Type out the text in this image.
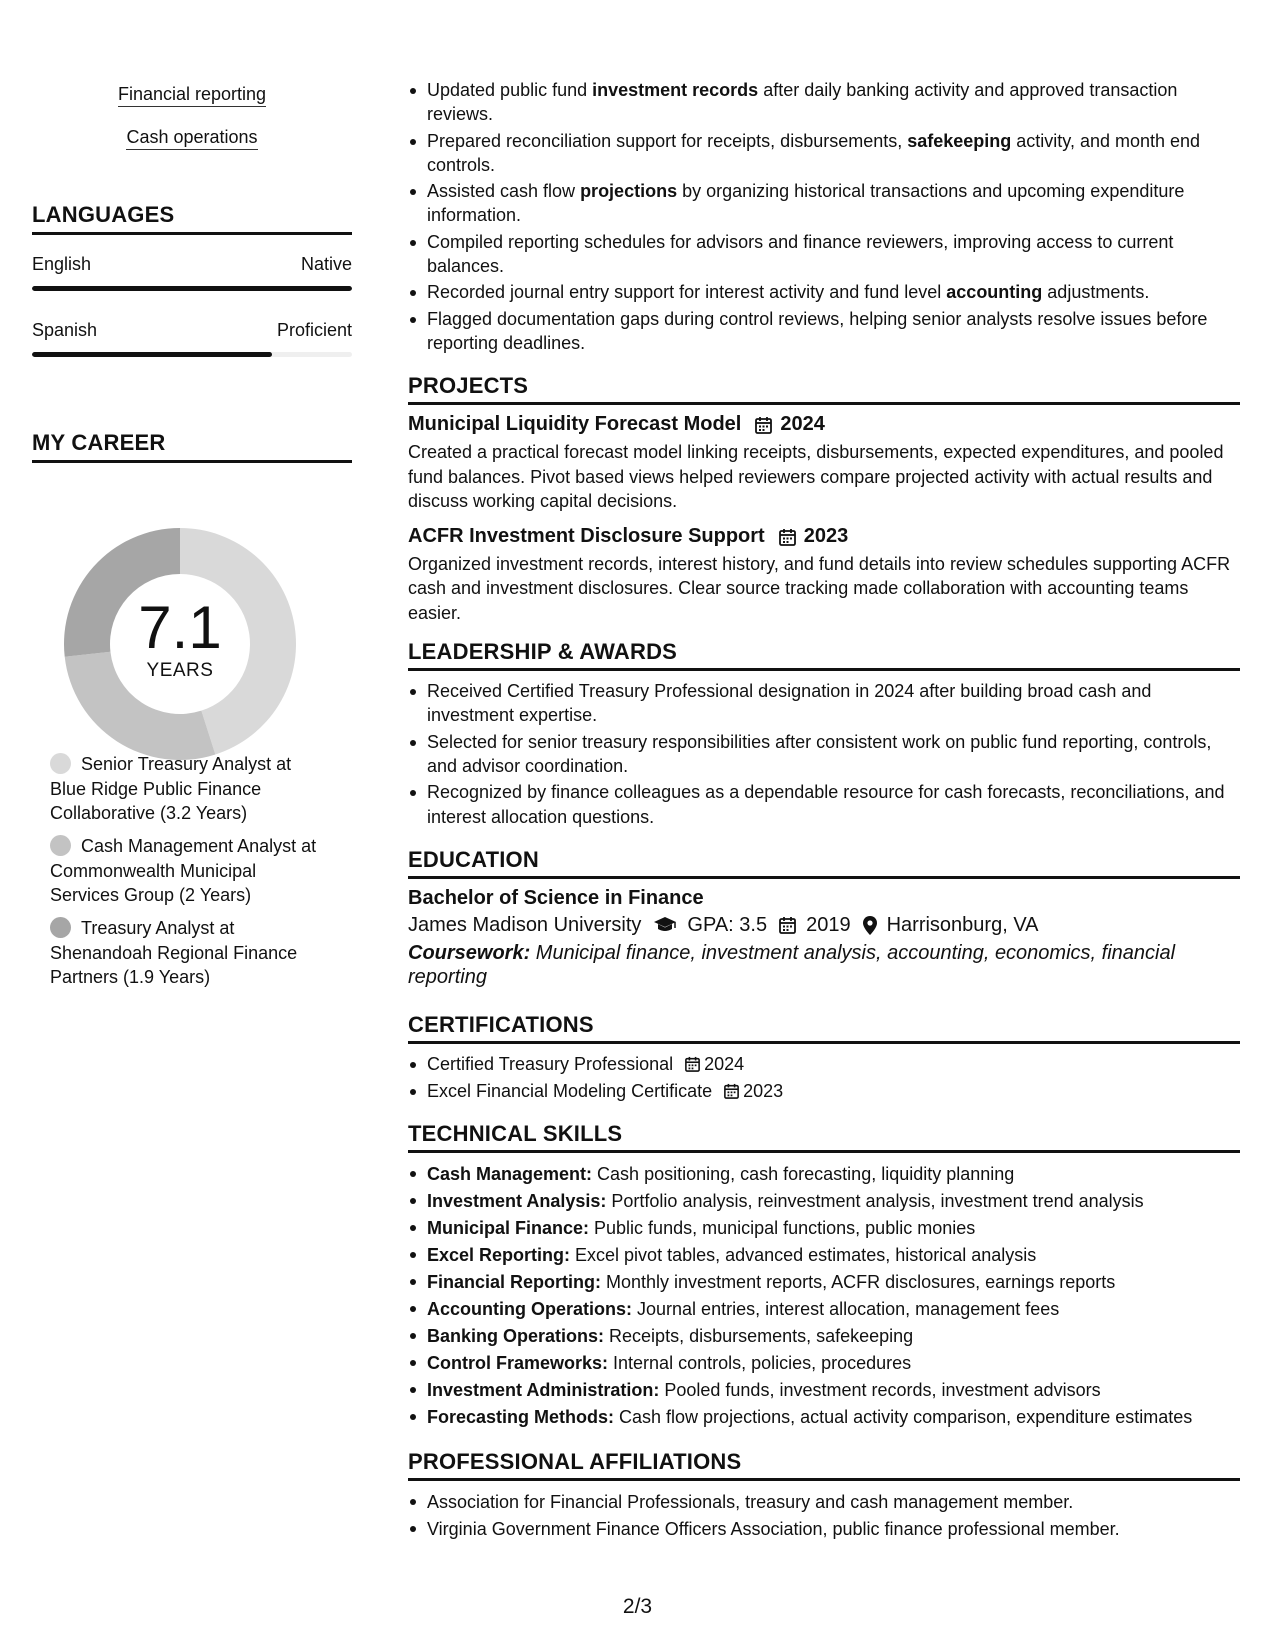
Financial reporting
Cash operations
LANGUAGES
English	Native
Spanish	Proficient
MY CAREER
7.1
YEARS
Senior Treasury Analyst at Blue Ridge Public Finance Collaborative (3.2 Years)
Cash Management Analyst at Commonwealth Municipal Services Group (2 Years)
Treasury Analyst at Shenandoah Regional Finance Partners (1.9 Years)
Updated public fund investment records after daily banking activity and approved transaction reviews.
Prepared reconciliation support for receipts, disbursements, safekeeping activity, and month end controls.
Assisted cash flow projections by organizing historical transactions and upcoming expenditure information.
Compiled reporting schedules for advisors and finance reviewers, improving access to current balances.
Recorded journal entry support for interest activity and fund level accounting adjustments.
Flagged documentation gaps during control reviews, helping senior analysts resolve issues before reporting deadlines.
PROJECTS
Municipal Liquidity Forecast Model 2024
Created a practical forecast model linking receipts, disbursements, expected expenditures, and pooled fund balances. Pivot based views helped reviewers compare projected activity with actual results and discuss working capital decisions.
ACFR Investment Disclosure Support 2023
Organized investment records, interest history, and fund details into review schedules supporting ACFR cash and investment disclosures. Clear source tracking made collaboration with accounting teams easier.
LEADERSHIP & AWARDS
Received Certified Treasury Professional designation in 2024 after building broad cash and investment expertise.
Selected for senior treasury responsibilities after consistent work on public fund reporting, controls, and advisor coordination.
Recognized by finance colleagues as a dependable resource for cash forecasts, reconciliations, and interest allocation questions.
EDUCATION
Bachelor of Science in Finance
James Madison University GPA: 3.5 2019 Harrisonburg, VA
Coursework: Municipal finance, investment analysis, accounting, economics, financial reporting
CERTIFICATIONS
Certified Treasury Professional 2024
Excel Financial Modeling Certificate 2023
TECHNICAL SKILLS
Cash Management: Cash positioning, cash forecasting, liquidity planning
Investment Analysis: Portfolio analysis, reinvestment analysis, investment trend analysis
Municipal Finance: Public funds, municipal functions, public monies
Excel Reporting: Excel pivot tables, advanced estimates, historical analysis
Financial Reporting: Monthly investment reports, ACFR disclosures, earnings reports
Accounting Operations: Journal entries, interest allocation, management fees
Banking Operations: Receipts, disbursements, safekeeping
Control Frameworks: Internal controls, policies, procedures
Investment Administration: Pooled funds, investment records, investment advisors
Forecasting Methods: Cash flow projections, actual activity comparison, expenditure estimates
PROFESSIONAL AFFILIATIONS
Association for Financial Professionals, treasury and cash management member.
Virginia Government Finance Officers Association, public finance professional member.
2/3
